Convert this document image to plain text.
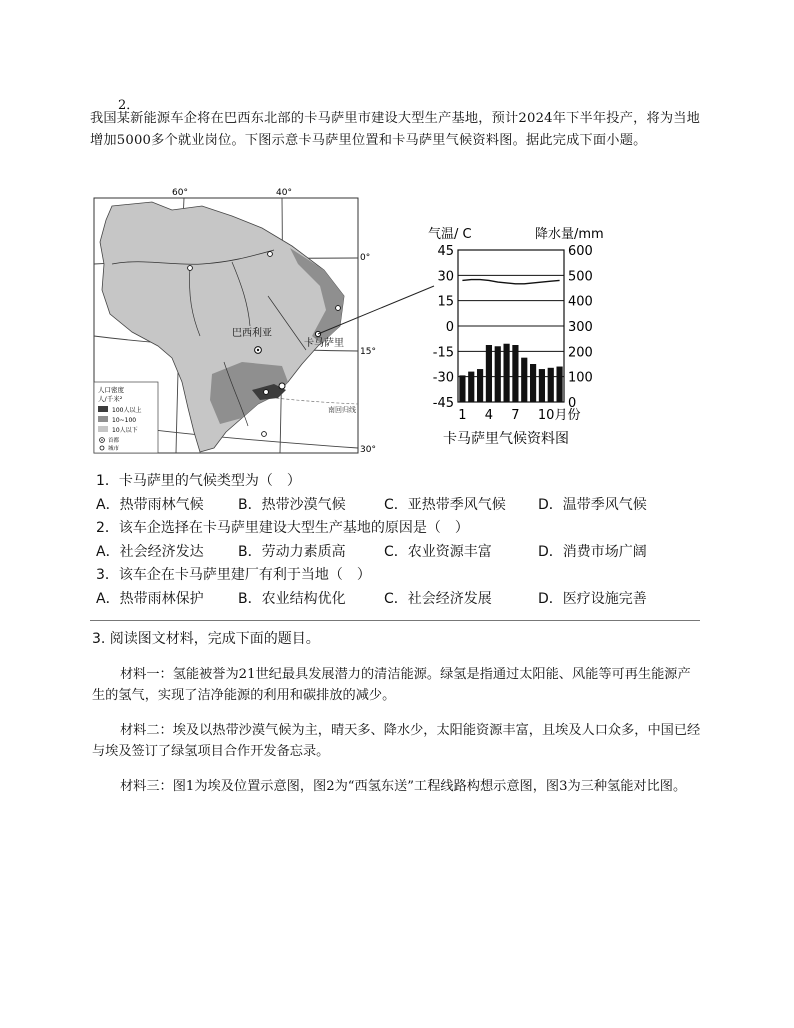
2．
我国某新能源车企将在巴西东北部的卡马萨里市建设大型生产基地，预计2024年下半年投产，将为当地增加5000多个就业岗位。下图示意卡马萨里位置和卡马萨里气候资料图。据此完成下面小题。
60°	40°
0°
15°
30°
巴西利亚
卡马萨里
南回归线
人口密度
人/千米²
100人以上
10~100
10人以下
首都
城市
气温/ C	降水量/mm
45
30
15
0
-15
-30
-45
600
500
400
300
200
100
0
1 4 7 10月份
卡马萨里气候资料图
1．卡马萨里的气候类型为（　）
A．热带雨林气候 B．热带沙漠气候	C．亚热带季风气候 D．温带季风气候
2．该车企选择在卡马萨里建设大型生产基地的原因是（　）
A．社会经济发达 B．劳动力素质高	C．农业资源丰富	D．消费市场广阔
3．该车企在卡马萨里建厂有利于当地（　）
A．热带雨林保护 B．农业结构优化	C．社会经济发展	D．医疗设施完善
3. 阅读图文材料，完成下面的题目。
材料一：氢能被誉为21世纪最具发展潜力的清洁能源。绿氢是指通过太阳能、风能等可再生能源产生的氢气，实现了洁净能源的利用和碳排放的减少。
材料二：埃及以热带沙漠气候为主，晴天多、降水少，太阳能资源丰富，且埃及人口众多，中国已经与埃及签订了绿氢项目合作开发备忘录。
材料三：图1为埃及位置示意图，图2为“西氢东送”工程线路构想示意图，图3为三种氢能对比图。
